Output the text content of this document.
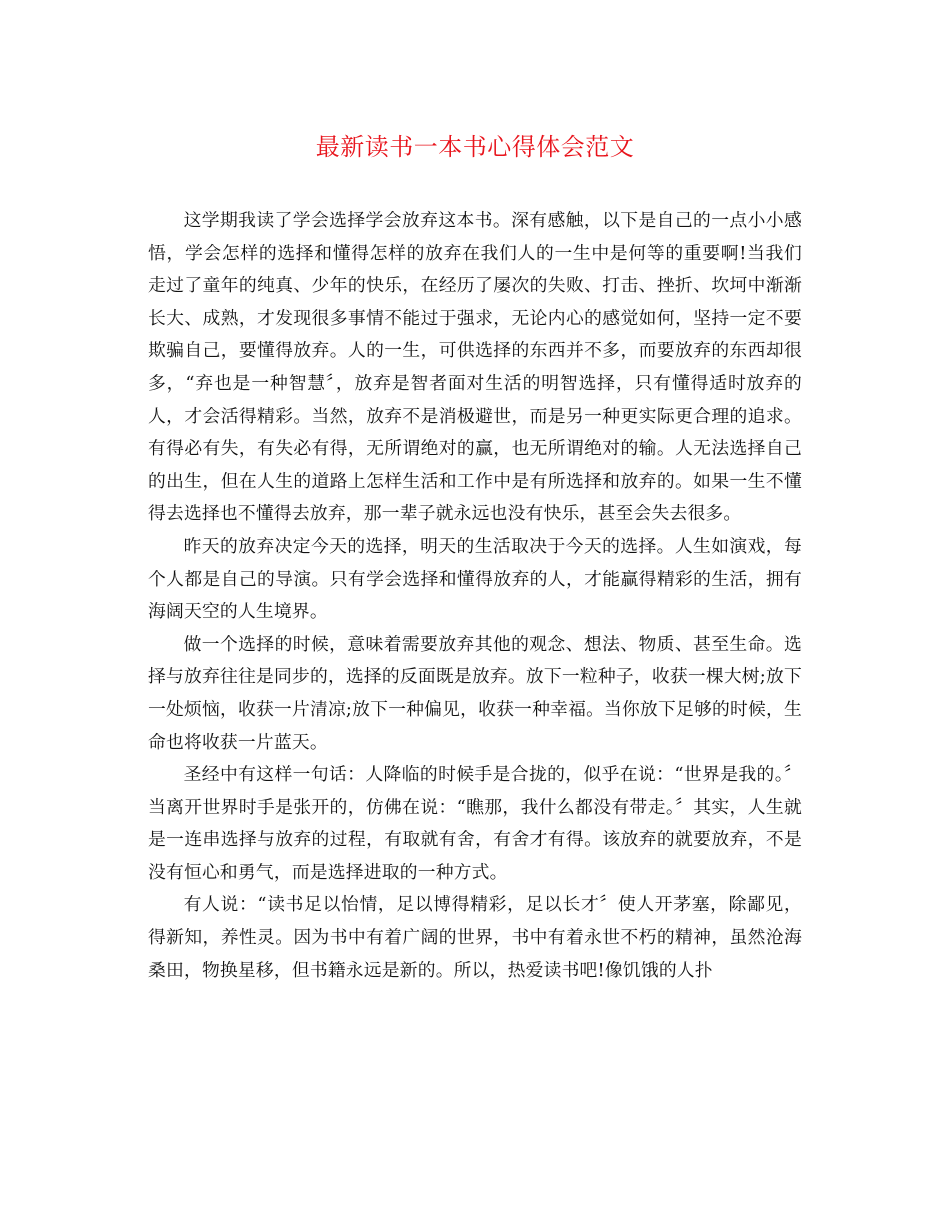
最新读书一本书心得体会范文

这学期我读了学会选择学会放弃这本书。深有感触，以下是自己的一点小小感悟，学会怎样的选择和懂得怎样的放弃在我们人的一生中是何等的重要啊!当我们走过了童年的纯真、少年的快乐，在经历了屡次的失败、打击、挫折、坎坷中渐渐长大、成熟，才发现很多事情不能过于强求，无论内心的感觉如何，坚持一定不要欺骗自己，要懂得放弃。人的一生，可供选择的东西并不多，而要放弃的东西却很多，“弃也是一种智慧〞，放弃是智者面对生活的明智选择，只有懂得适时放弃的人，才会活得精彩。当然，放弃不是消极避世，而是另一种更实际更合理的追求。有得必有失，有失必有得，无所谓绝对的赢，也无所谓绝对的输。人无法选择自己的出生，但在人生的道路上怎样生活和工作中是有所选择和放弃的。如果一生不懂得去选择也不懂得去放弃，那一辈子就永远也没有快乐，甚至会失去很多。

昨天的放弃决定今天的选择，明天的生活取决于今天的选择。人生如演戏，每个人都是自己的导演。只有学会选择和懂得放弃的人，才能赢得精彩的生活，拥有海阔天空的人生境界。

做一个选择的时候，意味着需要放弃其他的观念、想法、物质、甚至生命。选择与放弃往往是同步的，选择的反面既是放弃。放下一粒种子，收获一棵大树;放下一处烦恼，收获一片清凉;放下一种偏见，收获一种幸福。当你放下足够的时候，生命也将收获一片蓝天。

圣经中有这样一句话：人降临的时候手是合拢的，似乎在说：“世界是我的。〞当离开世界时手是张开的，仿佛在说：“瞧那，我什么都没有带走。〞其实，人生就是一连串选择与放弃的过程，有取就有舍，有舍才有得。该放弃的就要放弃，不是没有恒心和勇气，而是选择进取的一种方式。

有人说：“读书足以怡情，足以博得精彩，足以长才〞使人开茅塞，除鄙见，得新知，养性灵。因为书中有着广阔的世界，书中有着永世不朽的精神，虽然沧海桑田，物换星移，但书籍永远是新的。所以，热爱读书吧!像饥饿的人扑
